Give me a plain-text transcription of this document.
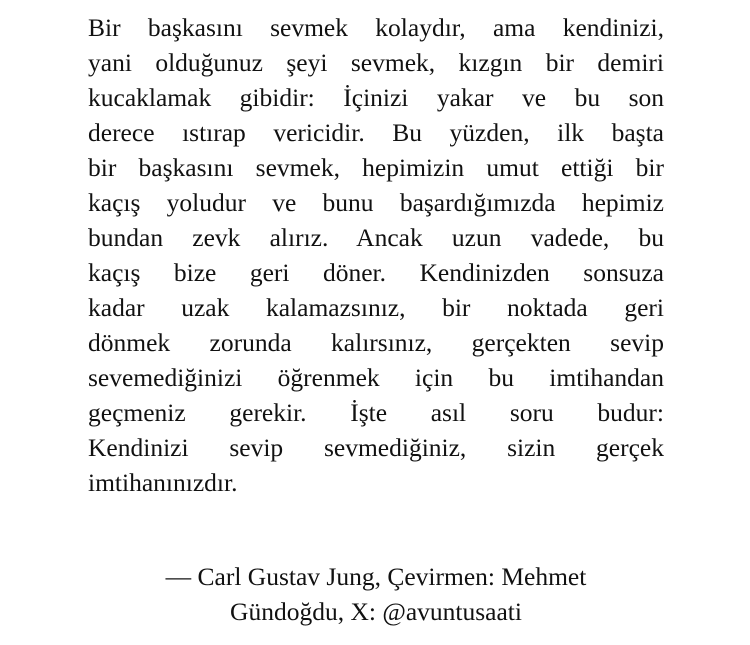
Bir başkasını sevmek kolaydır, ama kendinizi,
yani olduğunuz şeyi sevmek, kızgın bir demiri
kucaklamak gibidir: İçinizi yakar ve bu son
derece ıstırap vericidir. Bu yüzden, ilk başta
bir başkasını sevmek, hepimizin umut ettiği bir
kaçış yoludur ve bunu başardığımızda hepimiz
bundan zevk alırız. Ancak uzun vadede, bu
kaçış bize geri döner. Kendinizden sonsuza
kadar uzak kalamazsınız, bir noktada geri
dönmek zorunda kalırsınız, gerçekten sevip
sevemediğinizi öğrenmek için bu imtihandan
geçmeniz gerekir. İşte asıl soru budur:
Kendinizi sevip sevmediğiniz, sizin gerçek
imtihanınızdır.
— Carl Gustav Jung, Çevirmen: Mehmet
Gündoğdu, X: @avuntusaati
